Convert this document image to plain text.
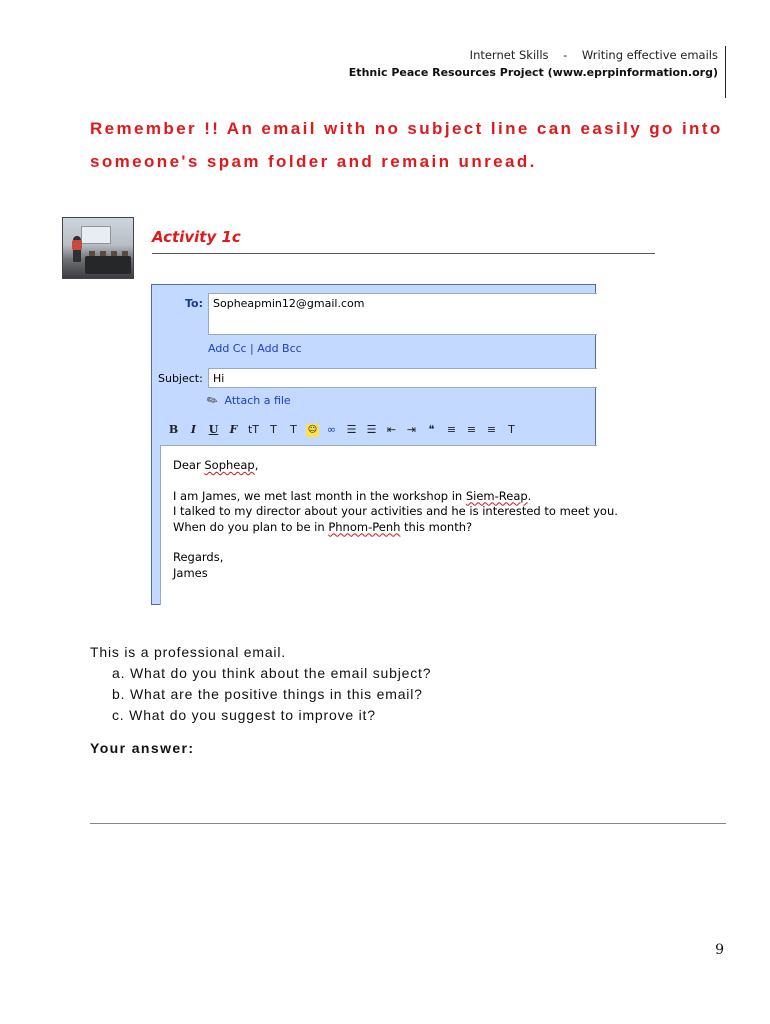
Internet Skills    -    Writing effective emails
Ethnic Peace Resources Project (www.eprpinformation.org)
Remember !! An email with no subject line can easily go into someone's spam folder and remain unread.
Activity 1c
To: Sopheapmin12@gmail.com
Add Cc | Add Bcc
Subject: Hi
✎ Attach a file
B	I	U	F tT	T	T	☺ ∞ ☰ ☰ ⇤ ⇥	❝	≡ ≡ ≡	T

Dear Sopheap,

I am James, we met last month in the workshop in Siem-Reap.

I talked to my director about your activities and he is interested to meet you.

When do you plan to be in Phnom-Penh this month?

Regards,

James

This is a professional email.
a. What do you think about the email subject?
b. What are the positive things in this email?
c. What do you suggest to improve it?
Your answer:
9
